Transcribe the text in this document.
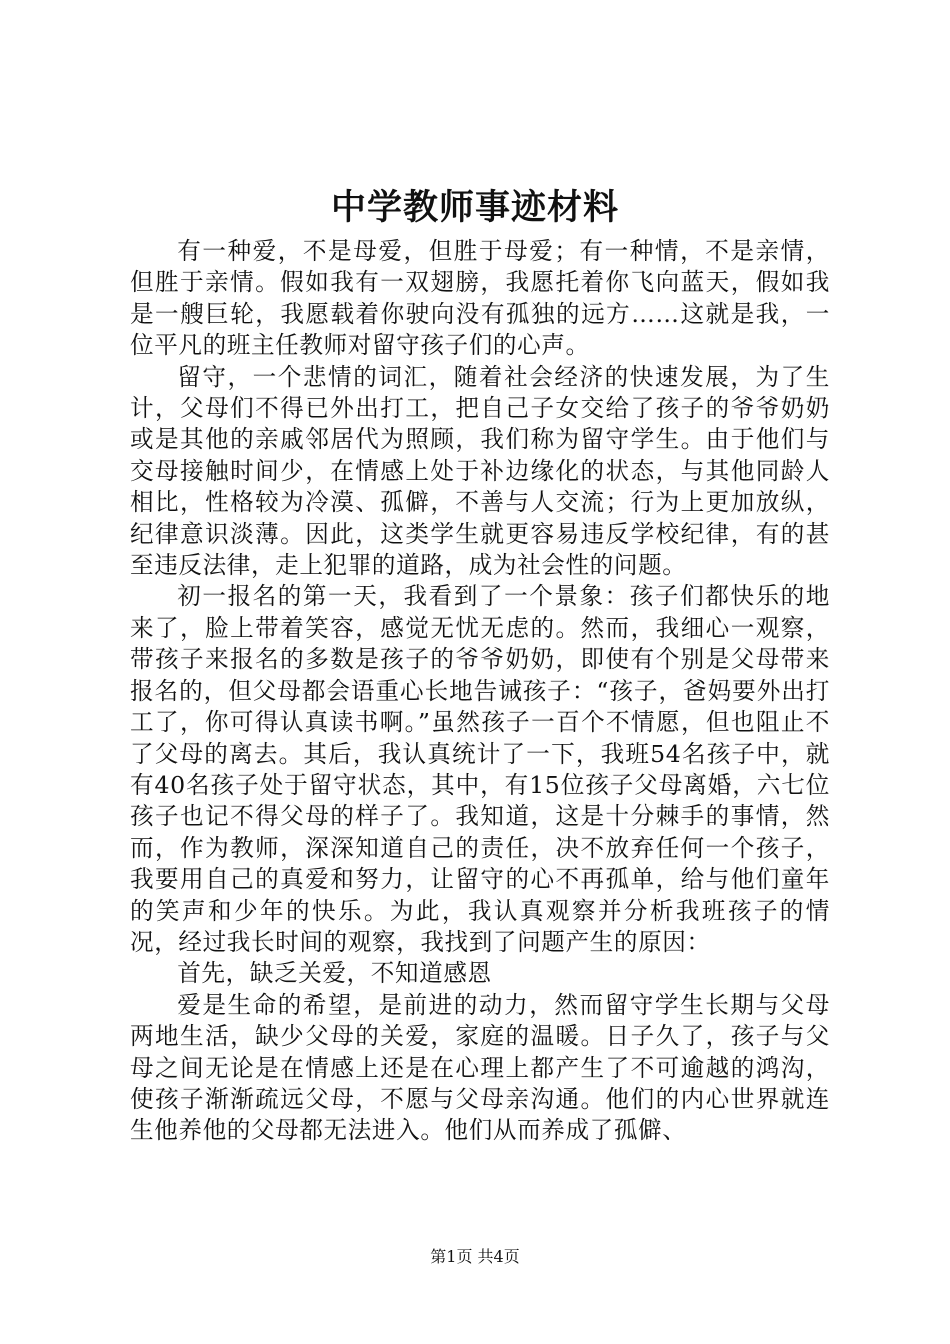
中学教师事迹材料

有一种爱，不是母爱，但胜于母爱；有一种情，不是亲情，但胜于亲情。假如我有一双翅膀，我愿托着你飞向蓝天，假如我是一艘巨轮，我愿载着你驶向没有孤独的远方……这就是我，一位平凡的班主任教师对留守孩子们的心声。

留守，一个悲情的词汇，随着社会经济的快速发展，为了生计，父母们不得已外出打工，把自己子女交给了孩子的爷爷奶奶或是其他的亲戚邻居代为照顾，我们称为留守学生。由于他们与交母接触时间少，在情感上处于补边缘化的状态，与其他同龄人相比，性格较为冷漠、孤僻，不善与人交流；行为上更加放纵，纪律意识淡薄。因此，这类学生就更容易违反学校纪律，有的甚至违反法律，走上犯罪的道路，成为社会性的问题。

初一报名的第一天，我看到了一个景象：孩子们都快乐的地来了，脸上带着笑容，感觉无忧无虑的。然而，我细心一观察，带孩子来报名的多数是孩子的爷爷奶奶，即使有个别是父母带来报名的，但父母都会语重心长地告诫孩子：“孩子，爸妈要外出打工了，你可得认真读书啊。”虽然孩子一百个不情愿，但也阻止不了父母的离去。其后，我认真统计了一下，我班54名孩子中，就有40名孩子处于留守状态，其中，有15位孩子父母离婚，六七位孩子也记不得父母的样子了。我知道，这是十分棘手的事情，然而，作为教师，深深知道自己的责任，决不放弃任何一个孩子，我要用自己的真爱和努力，让留守的心不再孤单，给与他们童年的笑声和少年的快乐。为此，我认真观察并分析我班孩子的情况，经过我长时间的观察，我找到了问题产生的原因：

首先，缺乏关爱，不知道感恩

爱是生命的希望，是前进的动力，然而留守学生长期与父母两地生活，缺少父母的关爱，家庭的温暖。日子久了，孩子与父母之间无论是在情感上还是在心理上都产生了不可逾越的鸿沟，使孩子渐渐疏远父母，不愿与父母亲沟通。他们的内心世界就连生他养他的父母都无法进入。他们从而养成了孤僻、

第1页 共4页
